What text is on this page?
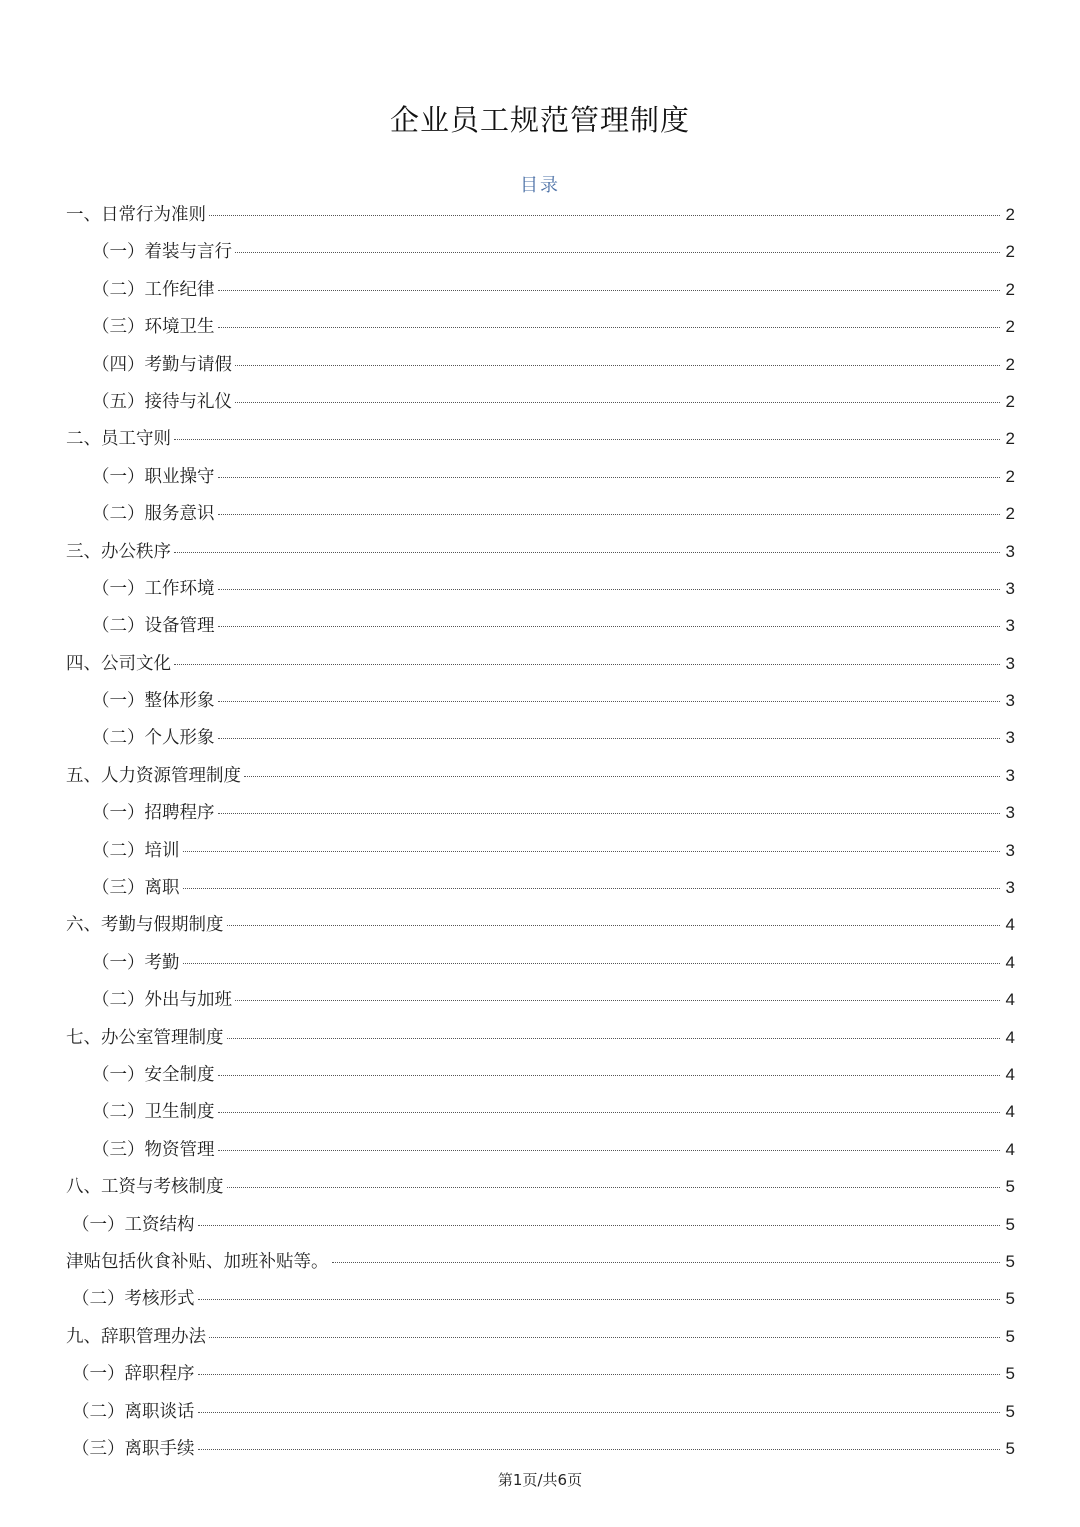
企业员工规范管理制度
目录
一、日常行为准则	2
（一）着装与言行	2
（二）工作纪律	2
（三）环境卫生	2
（四）考勤与请假	2
（五）接待与礼仪	2
二、员工守则	2
（一）职业操守	2
（二）服务意识	2
三、办公秩序	3
（一）工作环境	3
（二）设备管理	3
四、公司文化	3
（一）整体形象	3
（二）个人形象	3
五、人力资源管理制度	3
（一）招聘程序	3
（二）培训	3
（三）离职	3
六、考勤与假期制度	4
（一）考勤	4
（二）外出与加班	4
七、办公室管理制度	4
（一）安全制度	4
（二）卫生制度	4
（三）物资管理	4
八、工资与考核制度	5
（一）工资结构	5
津贴包括伙食补贴、加班补贴等。	5
（二）考核形式	5
九、辞职管理办法	5
（一）辞职程序	5
（二）离职谈话	5
（三）离职手续	5
第1页/共6页
